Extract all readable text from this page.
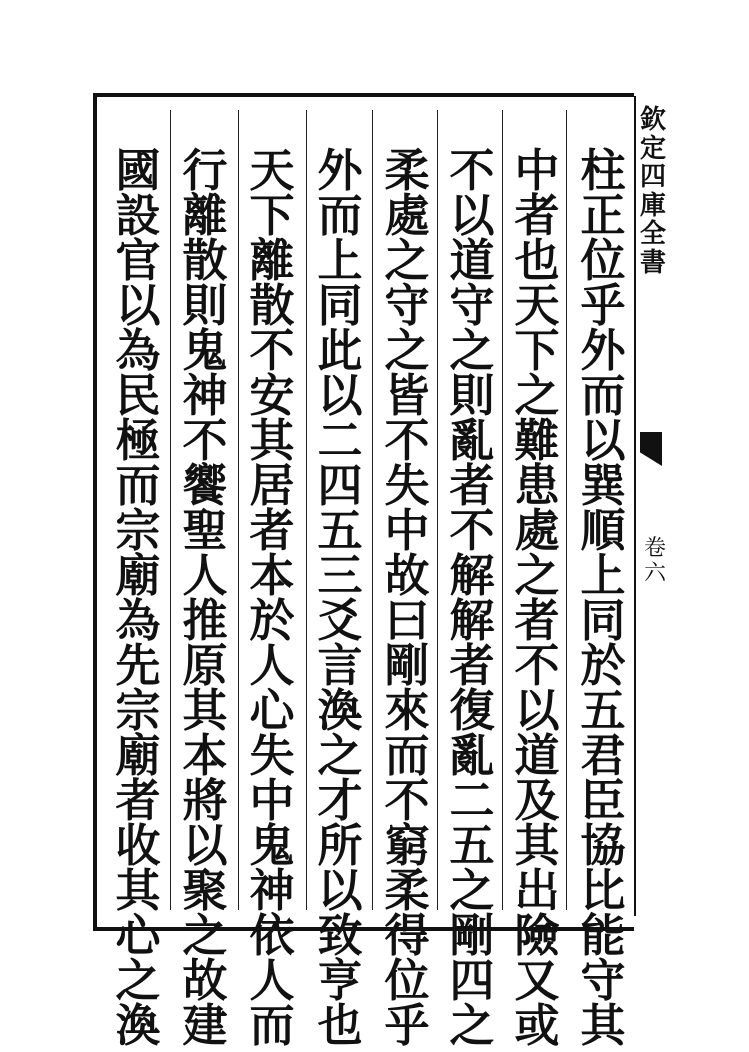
柱
正
位
乎
外
而
以
巽
順
上
同
於
五
君
臣
協
比
能
守
其
中
者
也
天
下
之
難
患
處
之
者
不
以
道
及
其
出
險
又
或
不
以
道
守
之
則
亂
者
不
解
解
者
復
亂
二
五
之
剛
四
之
柔
處
之
守
之
皆
不
失
中
故
曰
剛
來
而
不
窮
柔
得
位
乎
外
而
上
同
此
以
二
四
五
三
爻
言
渙
之
才
所
以
致
亨
也
天
下
離
散
不
安
其
居
者
本
於
人
心
失
中
鬼
神
依
人
而
行
離
散
則
鬼
神
不
饗
聖
人
推
原
其
本
將
以
聚
之
故
建
國
設
官
以
為
民
極
而
宗
廟
為
先
宗
廟
者
收
其
心
之
渙
欽
定
四
庫
全
書
卷
六
